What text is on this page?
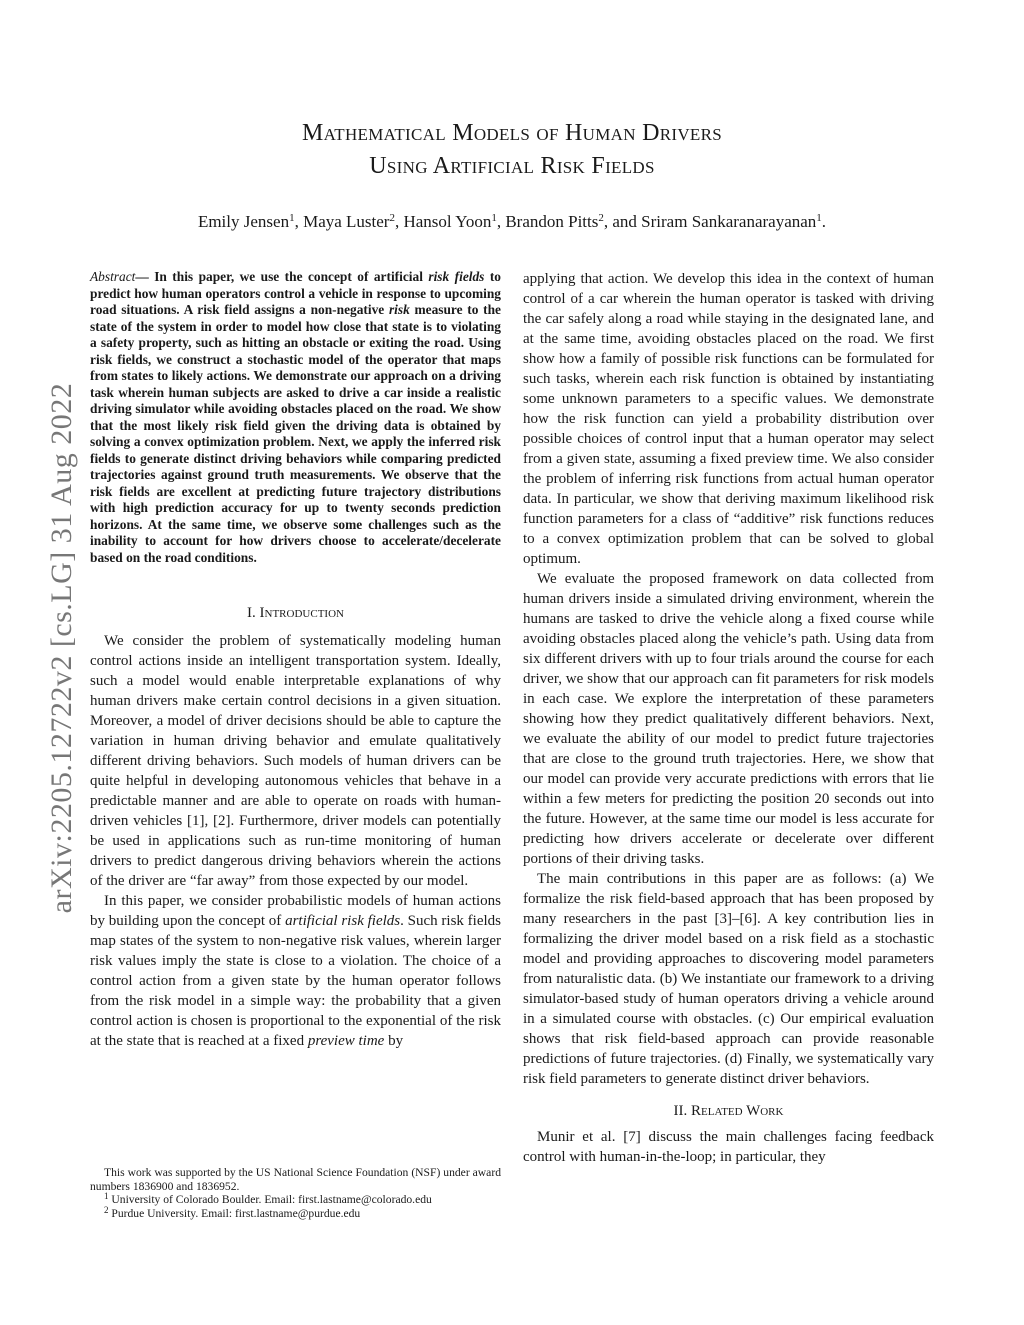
arXiv:2205.12722v2 [cs.LG] 31 Aug 2022
Mathematical Models of Human Drivers
Using Artificial Risk Fields
Emily Jensen$^1$, Maya Luster$^2$, Hansol Yoon$^1$, Brandon Pitts$^2$, and Sriram Sankaranarayanan$^1$.

Abstract— In this paper, we use the concept of artificial risk fields to predict how human operators control a vehicle in response to upcoming road situations. A risk field assigns a non-negative risk measure to the state of the system in order to model how close that state is to violating a safety property, such as hitting an obstacle or exiting the road. Using risk fields, we construct a stochastic model of the operator that maps from states to likely actions. We demonstrate our approach on a driving task wherein human subjects are asked to drive a car inside a realistic driving simulator while avoiding obstacles placed on the road. We show that the most likely risk field given the driving data is obtained by solving a convex optimization problem. Next, we apply the inferred risk fields to generate distinct driving behaviors while comparing predicted trajectories against ground truth measurements. We observe that the risk fields are excellent at predicting future trajectory distributions with high prediction accuracy for up to twenty seconds prediction horizons. At the same time, we observe some challenges such as the inability to account for how drivers choose to accelerate/decelerate based on the road conditions.

I. Introduction

We consider the problem of systematically modeling human control actions inside an intelligent transportation system. Ideally, such a model would enable interpretable explanations of why human drivers make certain control decisions in a given situation. Moreover, a model of driver decisions should be able to capture the variation in human driving behavior and emulate qualitatively different driving behaviors. Such models of human drivers can be quite helpful in developing autonomous vehicles that behave in a predictable manner and are able to operate on roads with human-driven vehicles [1], [2]. Furthermore, driver models can potentially be used in applications such as run-time monitoring of human drivers to predict dangerous driving behaviors wherein the actions of the driver are “far away” from those expected by our model.

In this paper, we consider probabilistic models of human actions by building upon the concept of artificial risk fields. Such risk fields map states of the system to non-negative risk values, wherein larger risk values imply the state is close to a violation. The choice of a control action from a given state by the human operator follows from the risk model in a simple way: the probability that a given control action is chosen is proportional to the exponential of the risk at the state that is reached at a fixed preview time by

This work was supported by the US National Science Foundation (NSF) under award numbers 1836900 and 1836952.

$^1$ University of Colorado Boulder. Email: first.lastname@colorado.edu

$^2$ Purdue University. Email: first.lastname@purdue.edu

applying that action. We develop this idea in the context of human control of a car wherein the human operator is tasked with driving the car safely along a road while staying in the designated lane, and at the same time, avoiding obstacles placed on the road. We first show how a family of possible risk functions can be formulated for such tasks, wherein each risk function is obtained by instantiating some unknown parameters to a specific values. We demonstrate how the risk function can yield a probability distribution over possible choices of control input that a human operator may select from a given state, assuming a fixed preview time. We also consider the problem of inferring risk functions from actual human operator data. In particular, we show that deriving maximum likelihood risk function parameters for a class of “additive” risk functions reduces to a convex optimization problem that can be solved to global optimum.

We evaluate the proposed framework on data collected from human drivers inside a simulated driving environment, wherein the humans are tasked to drive the vehicle along a fixed course while avoiding obstacles placed along the vehicle’s path. Using data from six different drivers with up to four trials around the course for each driver, we show that our approach can fit parameters for risk models in each case. We explore the interpretation of these parameters showing how they predict qualitatively different behaviors. Next, we evaluate the ability of our model to predict future trajectories that are close to the ground truth trajectories. Here, we show that our model can provide very accurate predictions with errors that lie within a few meters for predicting the position 20 seconds out into the future. However, at the same time our model is less accurate for predicting how drivers accelerate or decelerate over different portions of their driving tasks.

The main contributions in this paper are as follows: (a) We formalize the risk field-based approach that has been proposed by many researchers in the past [3]–[6]. A key contribution lies in formalizing the driver model based on a risk field as a stochastic model and providing approaches to discovering model parameters from naturalistic data. (b) We instantiate our framework to a driving simulator-based study of human operators driving a vehicle around in a simulated course with obstacles. (c) Our empirical evaluation shows that risk field-based approach can provide reasonable predictions of future trajectories. (d) Finally, we systematically vary risk field parameters to generate distinct driver behaviors.

II. Related Work

Munir et al. [7] discuss the main challenges facing feedback control with human-in-the-loop; in particular, they
